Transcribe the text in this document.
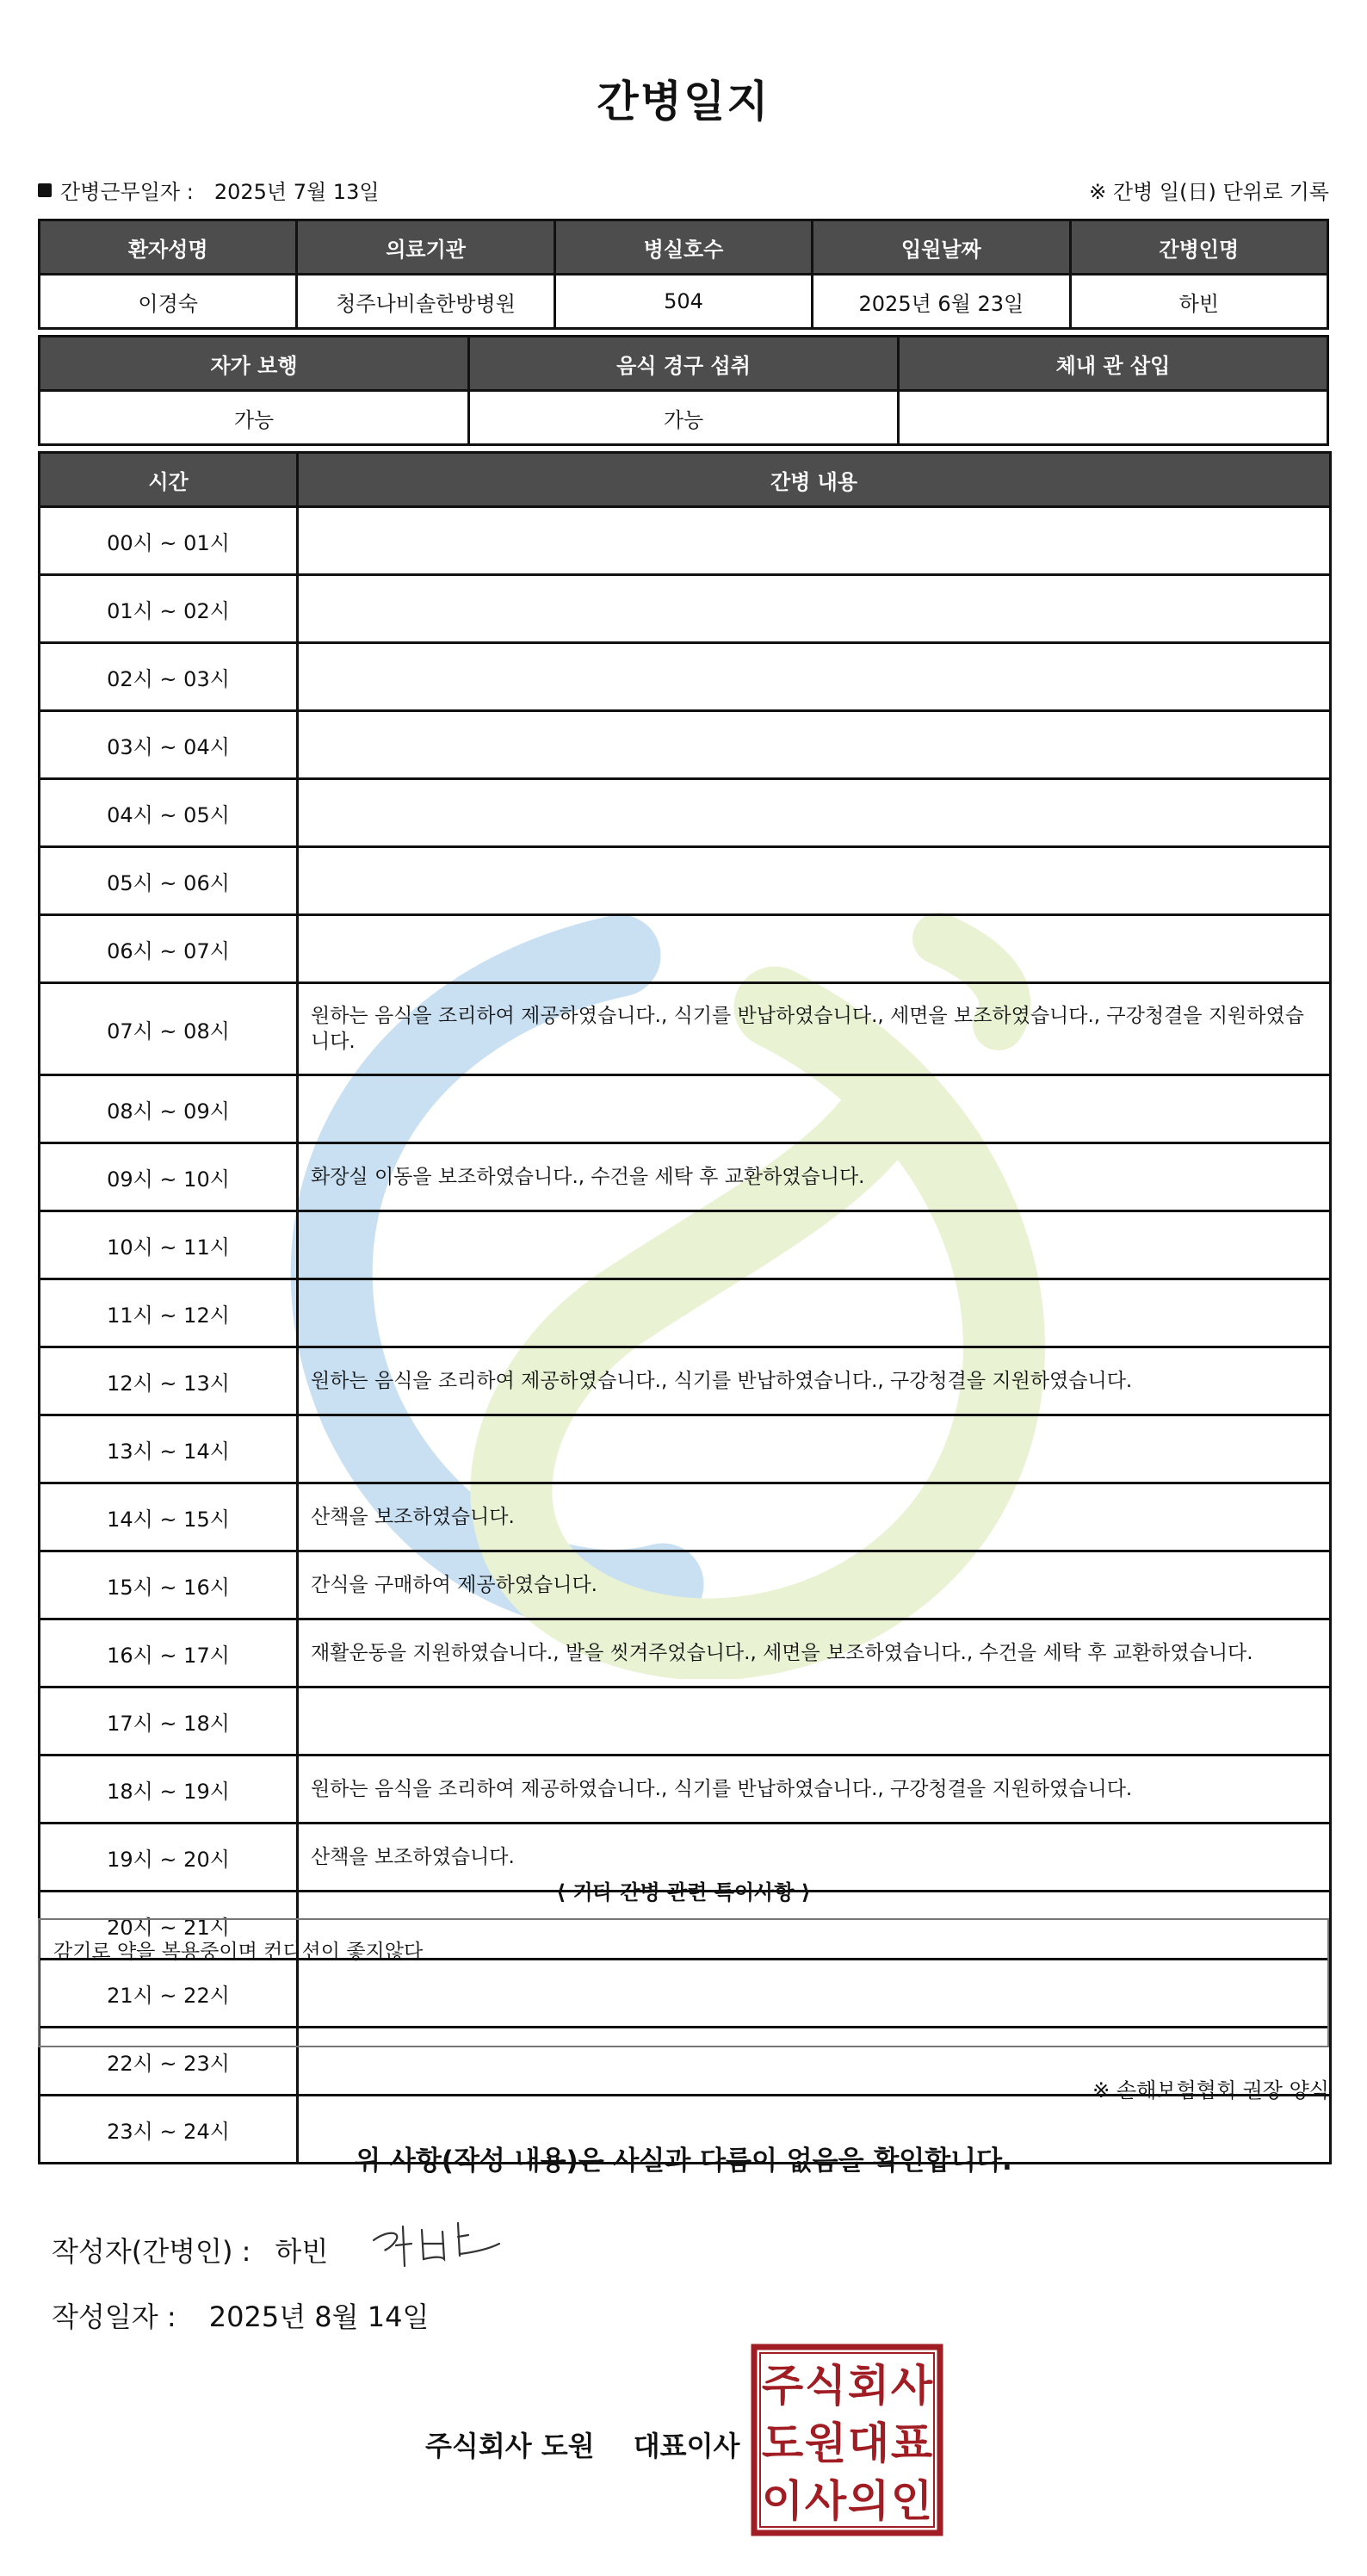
간병일지
간병근무일자 : 2025년 7월 13일	※ 간병 일(日) 단위로 기록
환자성명	의료기관	병실호수	입원날짜	간병인명
이경숙	청주나비솔한방병원	504	2025년 6월 23일	하빈
자가 보행	음식 경구 섭취	체내 관 삽입
가능	가능	
시간	간병 내용
00시 ~ 01시	
01시 ~ 02시	
02시 ~ 03시	
03시 ~ 04시	
04시 ~ 05시	
05시 ~ 06시	
06시 ~ 07시	
07시 ~ 08시	원하는 음식을 조리하여 제공하였습니다., 식기를 반납하였습니다., 세면을 보조하였습니다., 구강청결을 지원하였습니다.
08시 ~ 09시	
09시 ~ 10시	화장실 이동을 보조하였습니다., 수건을 세탁 후 교환하였습니다.
10시 ~ 11시	
11시 ~ 12시	
12시 ~ 13시	원하는 음식을 조리하여 제공하였습니다., 식기를 반납하였습니다., 구강청결을 지원하였습니다.
13시 ~ 14시	
14시 ~ 15시	산책을 보조하였습니다.
15시 ~ 16시	간식을 구매하여 제공하였습니다.
16시 ~ 17시	재활운동을 지원하였습니다., 발을 씻겨주었습니다., 세면을 보조하였습니다., 수건을 세탁 후 교환하였습니다.
17시 ~ 18시	
18시 ~ 19시	원하는 음식을 조리하여 제공하였습니다., 식기를 반납하였습니다., 구강청결을 지원하였습니다.
19시 ~ 20시	산책을 보조하였습니다.
20시 ~ 21시	
21시 ~ 22시	
22시 ~ 23시	
23시 ~ 24시	
⟨ 기타 간병 관련 특이사항 ⟩
감기로 약을 복용중이며 컨디션이 좋지않다
※ 손해보험협회 권장 양식
위 사항(작성 내용)은 사실과 다름이 없음을 확인합니다.
작성자(간병인) : 하빈
작성일자 : 2025년 8월 14일
주식회사 도원 대표이사
주 식 회 사
도 원 대 표
이 사 의 인
